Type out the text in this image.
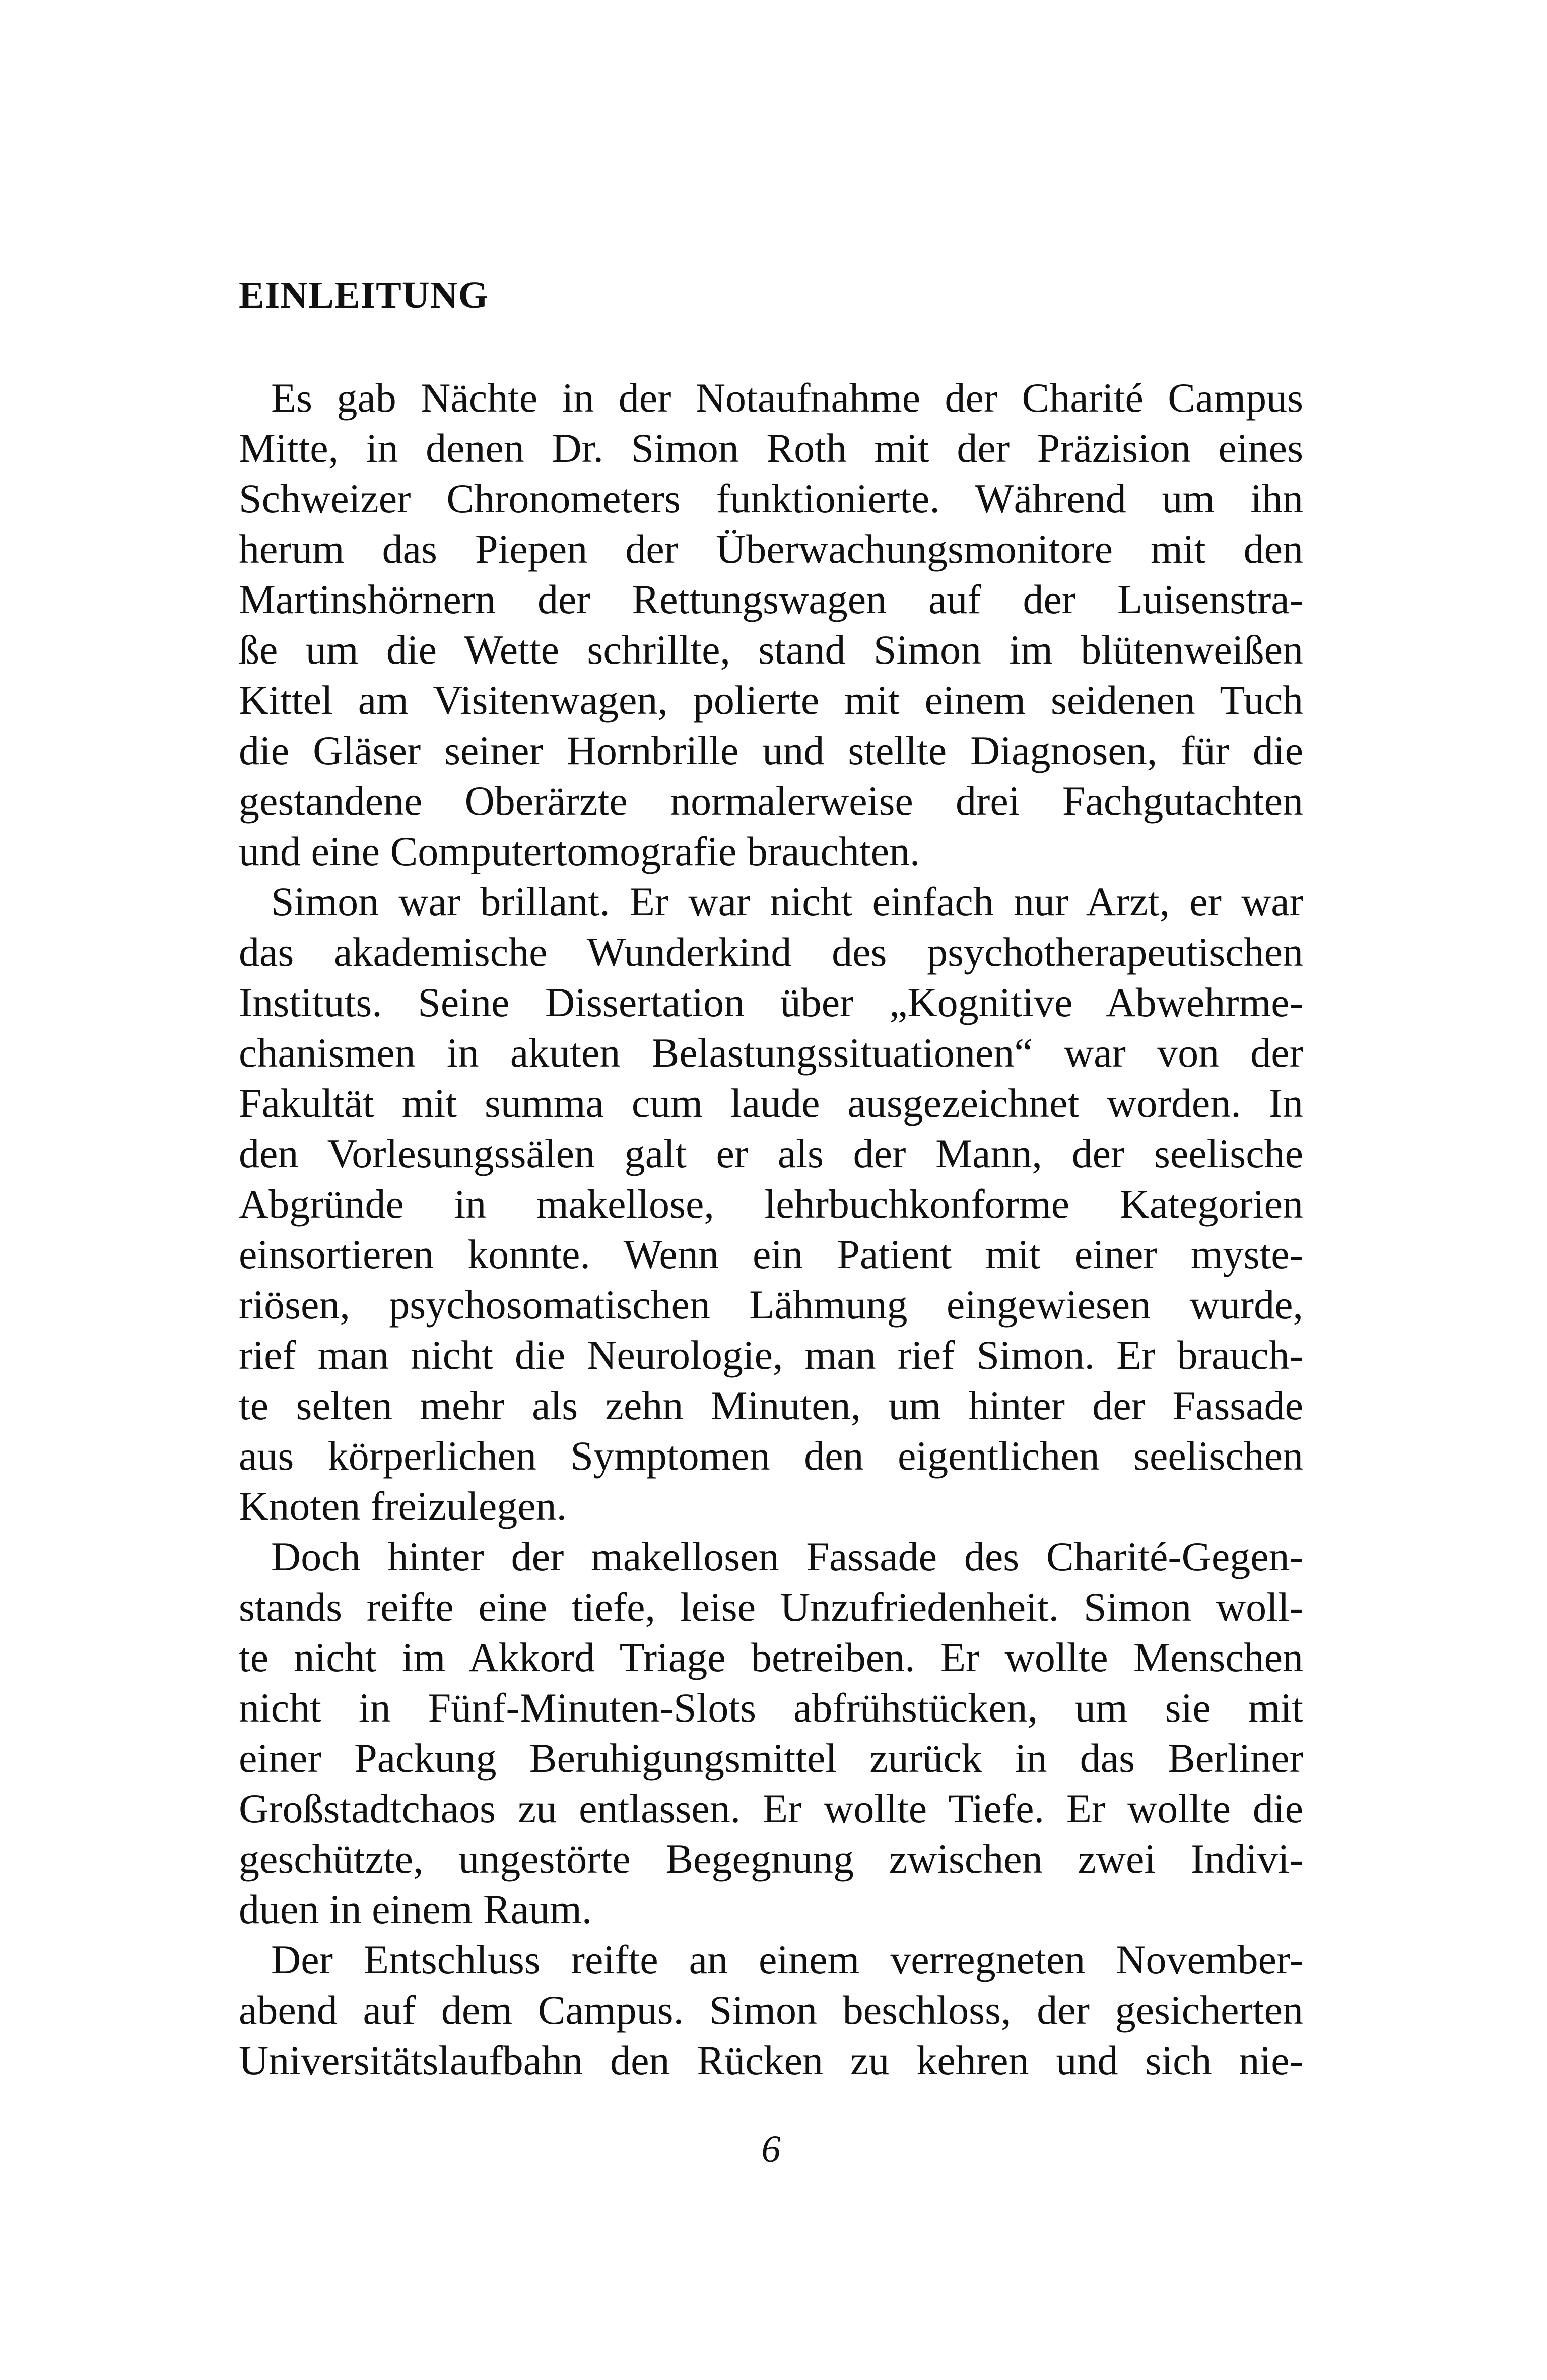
EINLEITUNG
Es gab Nächte in der Notaufnahme der Charité Campus
Mitte, in denen Dr. Simon Roth mit der Präzision eines
Schweizer Chronometers funktionierte. Während um ihn
herum das Piepen der Überwachungsmonitore mit den
Martinshörnern der Rettungswagen auf der Luisenstra-
ße um die Wette schrillte, stand Simon im blütenweißen
Kittel am Visitenwagen, polierte mit einem seidenen Tuch
die Gläser seiner Hornbrille und stellte Diagnosen, für die
gestandene Oberärzte normalerweise drei Fachgutachten
und eine Computertomografie brauchten.
Simon war brillant. Er war nicht einfach nur Arzt, er war
das akademische Wunderkind des psychotherapeutischen
Instituts. Seine Dissertation über „Kognitive Abwehrme-
chanismen in akuten Belastungssituationen“ war von der
Fakultät mit summa cum laude ausgezeichnet worden. In
den Vorlesungssälen galt er als der Mann, der seelische
Abgründe in makellose, lehrbuchkonforme Kategorien
einsortieren konnte. Wenn ein Patient mit einer myste-
riösen, psychosomatischen Lähmung eingewiesen wurde,
rief man nicht die Neurologie, man rief Simon. Er brauch-
te selten mehr als zehn Minuten, um hinter der Fassade
aus körperlichen Symptomen den eigentlichen seelischen
Knoten freizulegen.
Doch hinter der makellosen Fassade des Charité-Gegen-
stands reifte eine tiefe, leise Unzufriedenheit. Simon woll-
te nicht im Akkord Triage betreiben. Er wollte Menschen
nicht in Fünf-Minuten-Slots abfrühstücken, um sie mit
einer Packung Beruhigungsmittel zurück in das Berliner
Großstadtchaos zu entlassen. Er wollte Tiefe. Er wollte die
geschützte, ungestörte Begegnung zwischen zwei Indivi-
duen in einem Raum.
Der Entschluss reifte an einem verregneten November-
abend auf dem Campus. Simon beschloss, der gesicherten
Universitätslaufbahn den Rücken zu kehren und sich nie-
6
